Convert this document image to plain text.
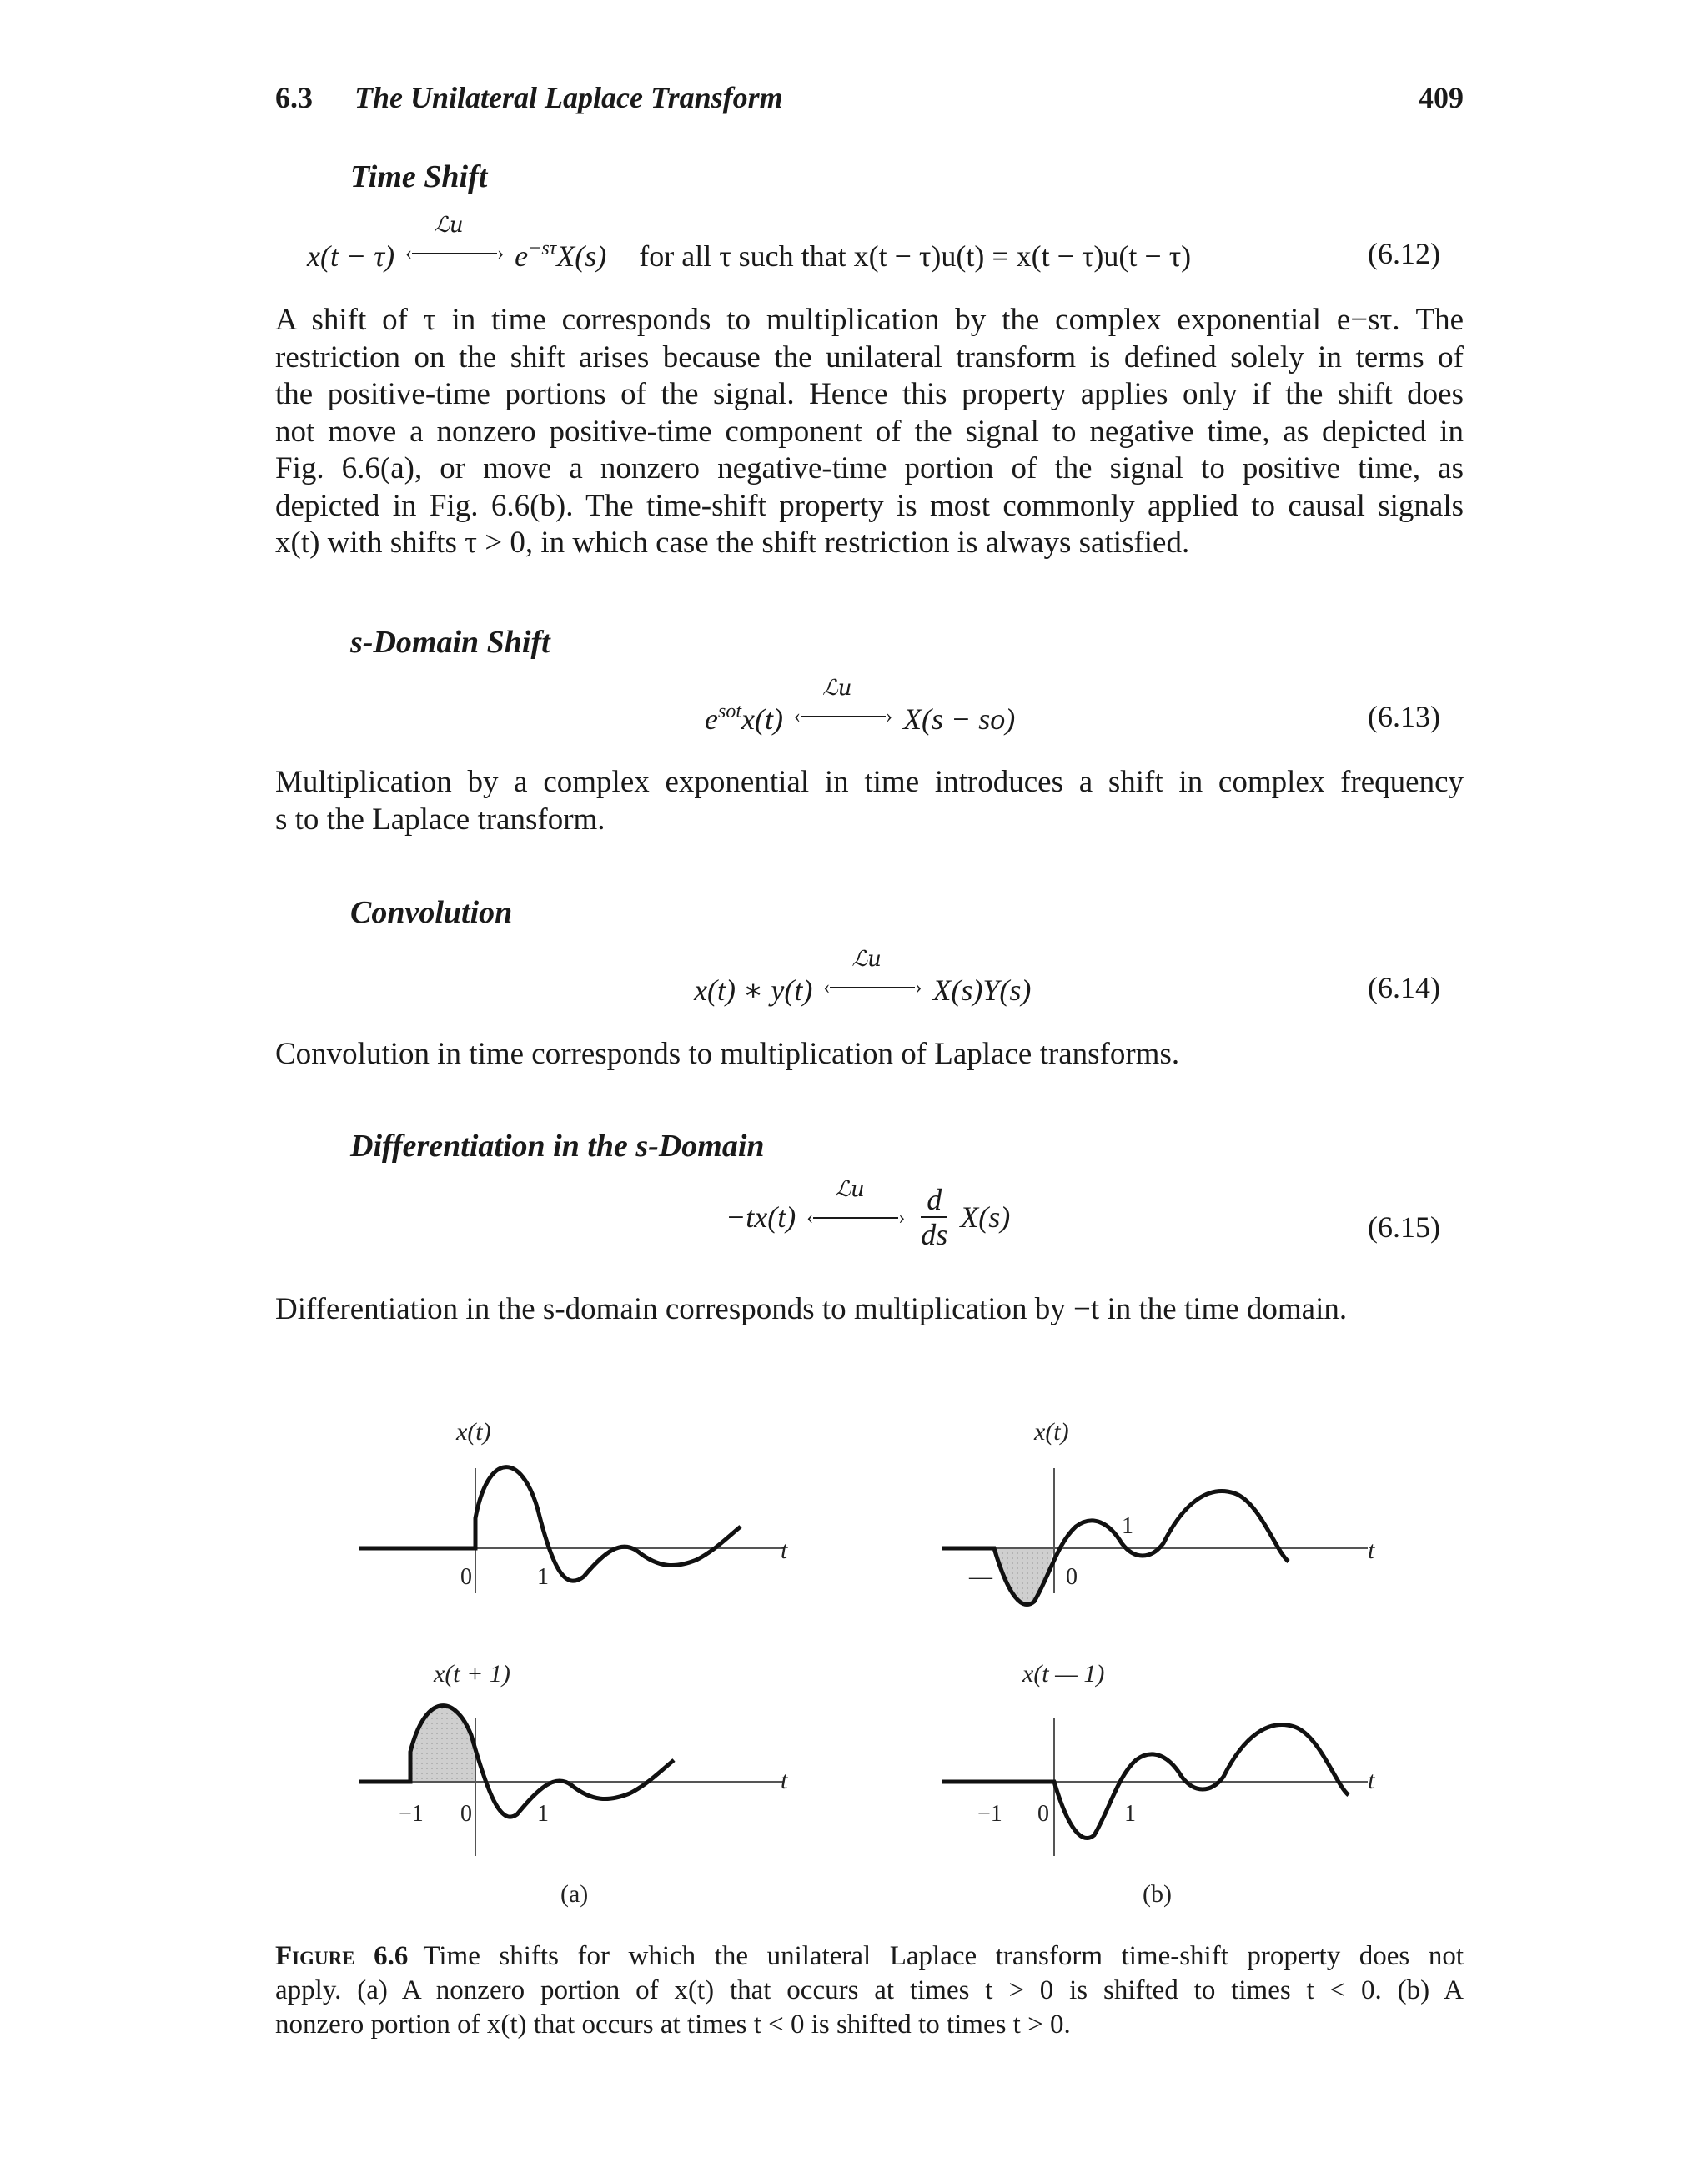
6.3 The Unilateral Laplace Transform	409
Time Shift
x(t − τ)
ℒu
‹	› $e^{-s\tau}X(s)$ for all τ such that x(t − τ)u(t) = x(t − τ)u(t − τ)	(6.12)
A shift of τ in time corresponds to multiplication by the complex exponential e−sτ. The
restriction on the shift arises because the unilateral transform is defined solely in terms of
the positive-time portions of the signal. Hence this property applies only if the shift does
not move a nonzero positive-time component of the signal to negative time, as depicted in
Fig. 6.6(a), or move a nonzero negative-time portion of the signal to positive time, as
depicted in Fig. 6.6(b). The time-shift property is most commonly applied to causal signals
x(t) with shifts τ > 0, in which case the shift restriction is always satisfied.
s-Domain Shift
$e^{sot}x(t)$
ℒu
‹	› X(s − so)	(6.13)
Multiplication by a complex exponential in time introduces a shift in complex frequency
s to the Laplace transform.
Convolution
x(t) ∗ y(t)
ℒu
‹	› X(s)Y(s)	(6.14)
Convolution in time corresponds to multiplication of Laplace transforms.
Differentiation in the s-Domain
−tx(t)
ℒu
‹	›
$\frac{d}{ds} X(s)$	(6.15)
Differentiation in the s-domain corresponds to multiplication by −t in the time domain.
0	1
t
x(t)
−1 0	1
t
x(t + 1)
—	0
1
t
x(t)
−1 0	1
t
x(t — 1)
(a)	(b)
Figure 6.6 Time shifts for which the unilateral Laplace transform time-shift property does not
apply. (a) A nonzero portion of x(t) that occurs at times t > 0 is shifted to times t < 0. (b) A
nonzero portion of x(t) that occurs at times t < 0 is shifted to times t > 0.
